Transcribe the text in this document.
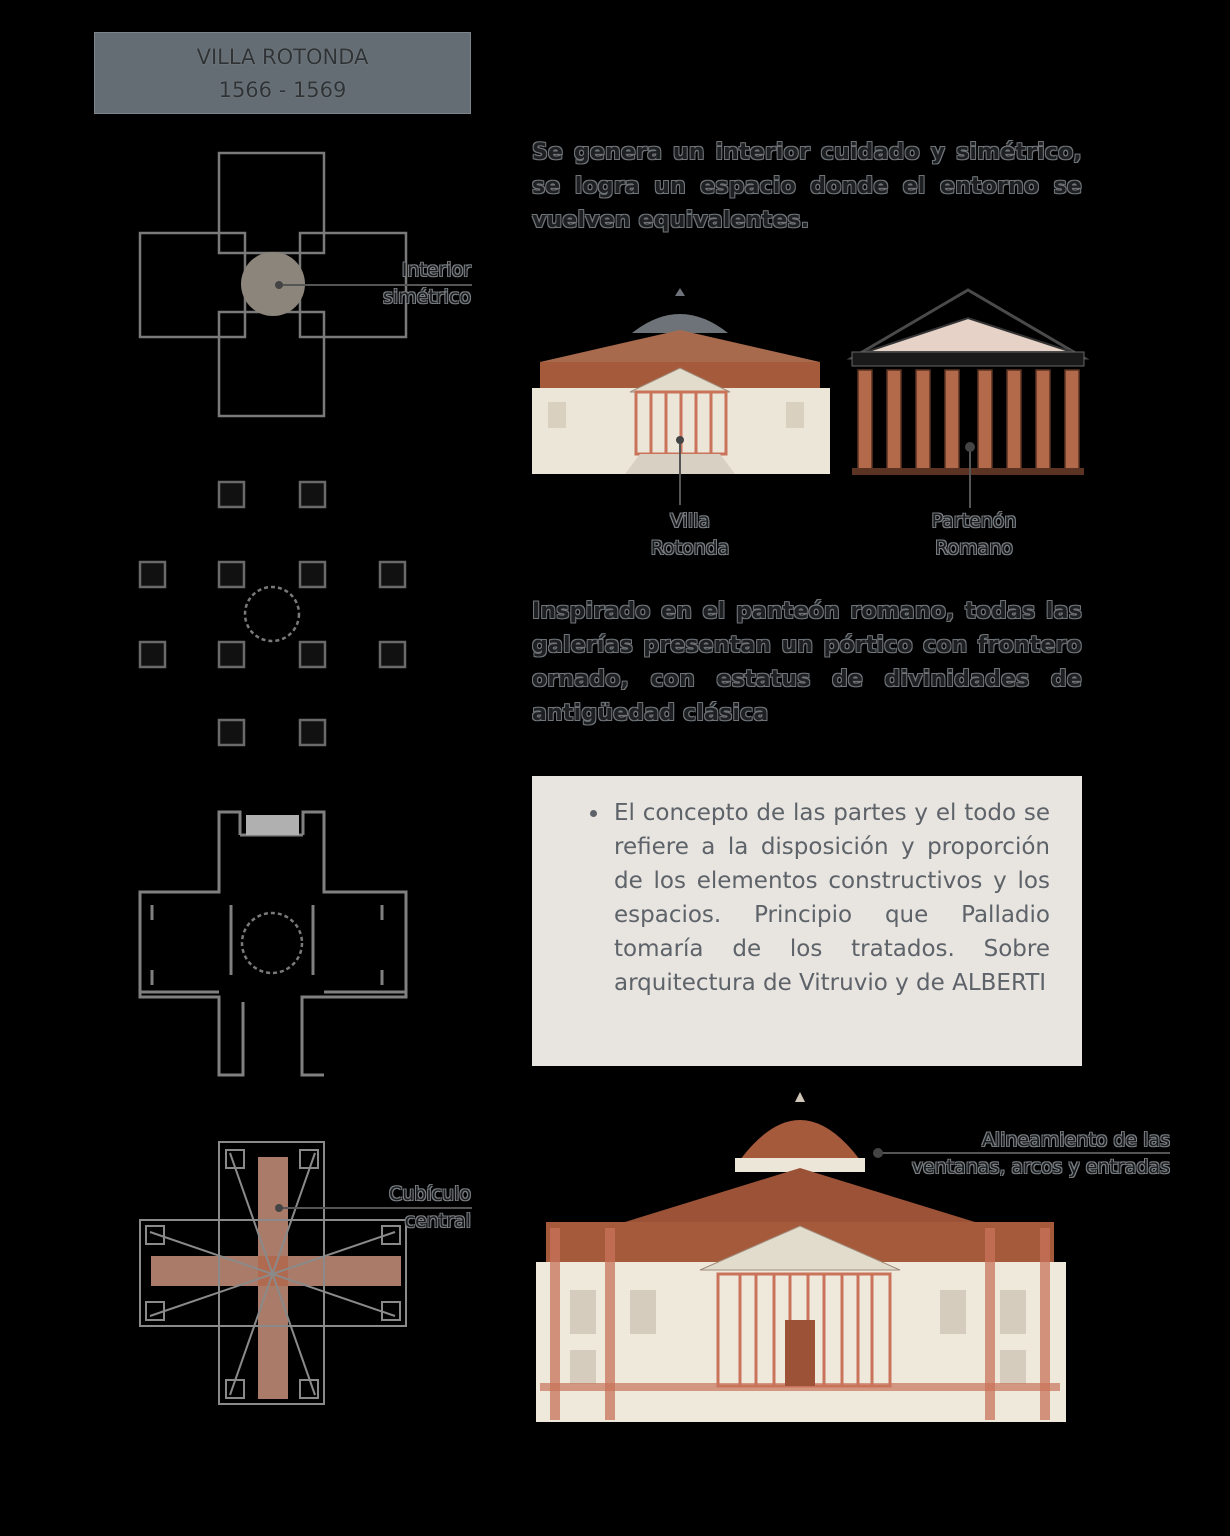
VILLA ROTONDA
1566 - 1569
Interior
simétrico
Cubículo
central
Se genera un interior cuidado y simétrico, se logra un espacio donde el entorno se vuelven equivalentes.
Villa
Rotonda
Partenón
Romano
Inspirado en el panteón romano, todas las galerías presentan un pórtico con frontero ornado, con estatus de divinidades de antigüedad clásica
• El concepto de las partes y el todo se refiere a la disposición y proporción de los elementos constructivos y los espacios. Principio que Palladio tomaría de los tratados. Sobre arquitectura de Vitruvio y de ALBERTI
Alineamiento de las
ventanas, arcos y entradas
